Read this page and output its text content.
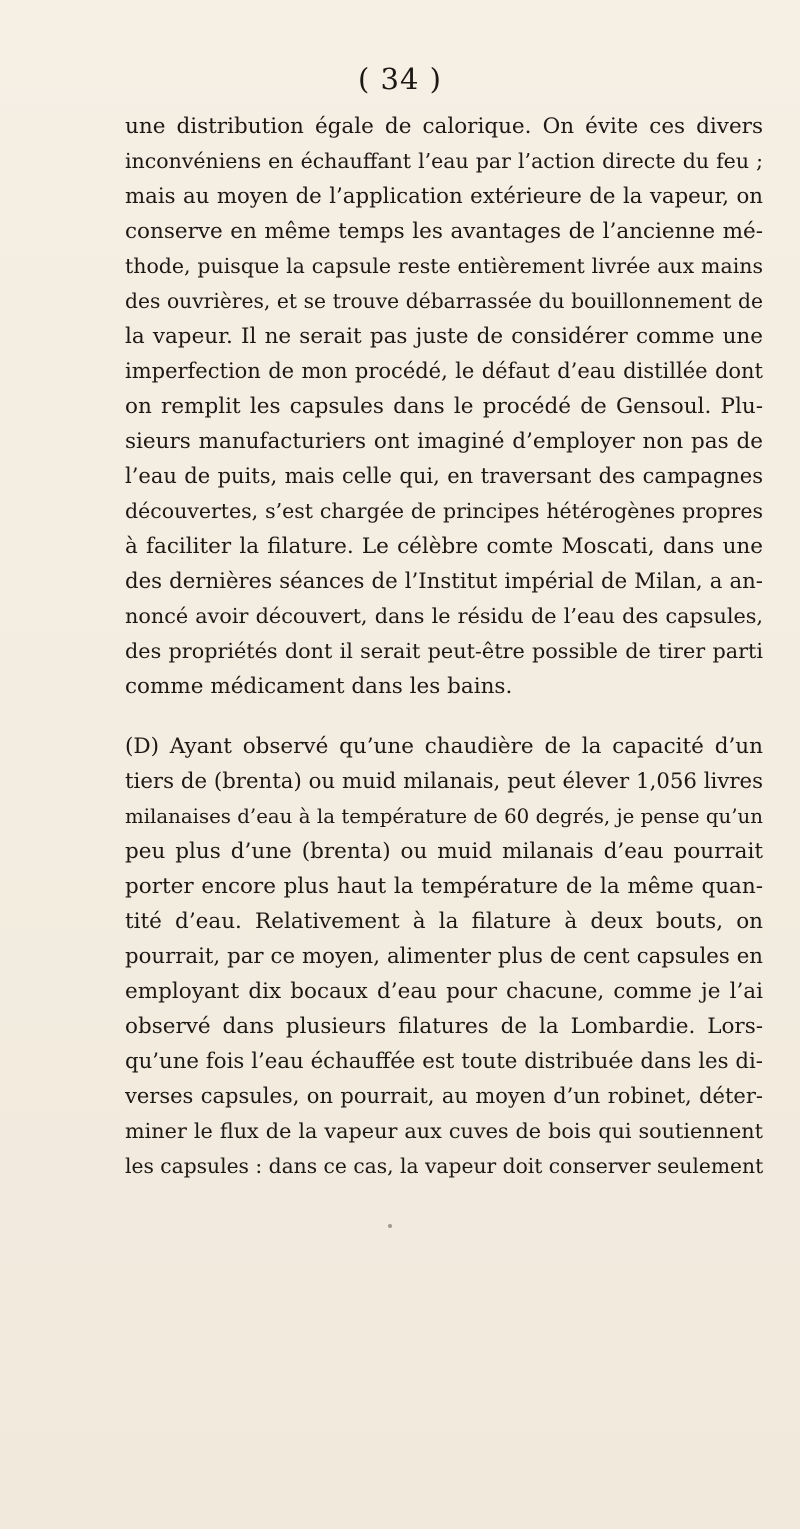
( 34 )
une distribution égale de calorique. On évite ces divers
inconvéniens en échauffant l’eau par l’action directe du feu ;
mais au moyen de l’application extérieure de la vapeur, on
conserve en même temps les avantages de l’ancienne mé-
thode, puisque la capsule reste entièrement livrée aux mains
des ouvrières, et se trouve débarrassée du bouillonnement de
la vapeur. Il ne serait pas juste de considérer comme une
imperfection de mon procédé, le défaut d’eau distillée dont
on remplit les capsules dans le procédé de Gensoul. Plu-
sieurs manufacturiers ont imaginé d’employer non pas de
l’eau de puits, mais celle qui, en traversant des campagnes
découvertes, s’est chargée de principes hétérogènes propres
à faciliter la filature. Le célèbre comte Moscati, dans une
des dernières séances de l’Institut impérial de Milan, a an-
noncé avoir découvert, dans le résidu de l’eau des capsules,
des propriétés dont il serait peut-être possible de tirer parti
comme médicament dans les bains.
(D) Ayant observé qu’une chaudière de la capacité d’un
tiers de (brenta) ou muid milanais, peut élever 1,056 livres
milanaises d’eau à la température de 60 degrés, je pense qu’un
peu plus d’une (brenta) ou muid milanais d’eau pourrait
porter encore plus haut la température de la même quan-
tité d’eau. Relativement à la filature à deux bouts, on
pourrait, par ce moyen, alimenter plus de cent capsules en
employant dix bocaux d’eau pour chacune, comme je l’ai
observé dans plusieurs filatures de la Lombardie. Lors-
qu’une fois l’eau échauffée est toute distribuée dans les di-
verses capsules, on pourrait, au moyen d’un robinet, déter-
miner le flux de la vapeur aux cuves de bois qui soutiennent
les capsules : dans ce cas, la vapeur doit conserver seulement
